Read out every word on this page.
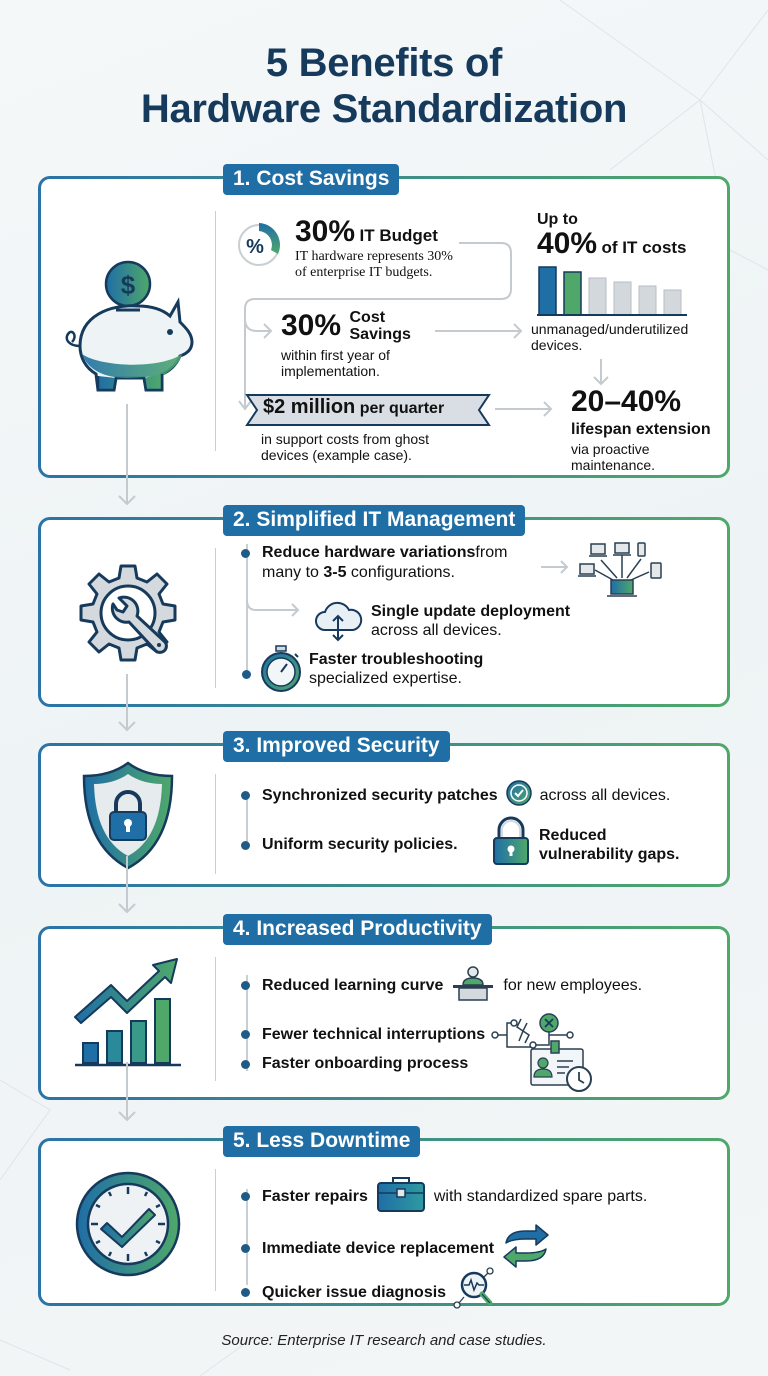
5 Benefits of
Hardware Standardization
1. Cost Savings
$
% 30% IT Budget
IT hardware represents 30%
of enterprise IT budgets.
30% Cost
Savings
within first year of
implementation.
$2 million per quarter
in support costs from ghost
devices (example case).
Up to
40% of IT costs
unmanaged/underutilized
devices.
20–40%
lifespan extension
via proactive maintenance.
2. Simplified IT Management
Reduce hardware variations from
many to 3-5 configurations.
Single update deployment
across all devices.
Faster troubleshooting
specialized expertise.
3. Improved Security
Synchronized security patches	across all devices.
Uniform security policies.
Reduced
vulnerability gaps.
4. Increased Productivity
Reduced learning curve	for new employees.
Fewer technical interruptions
Faster onboarding process
5. Less Downtime
Faster repairs	with standardized spare parts.
Immediate device replacement
Quicker issue diagnosis
Source: Enterprise IT research and case studies.
